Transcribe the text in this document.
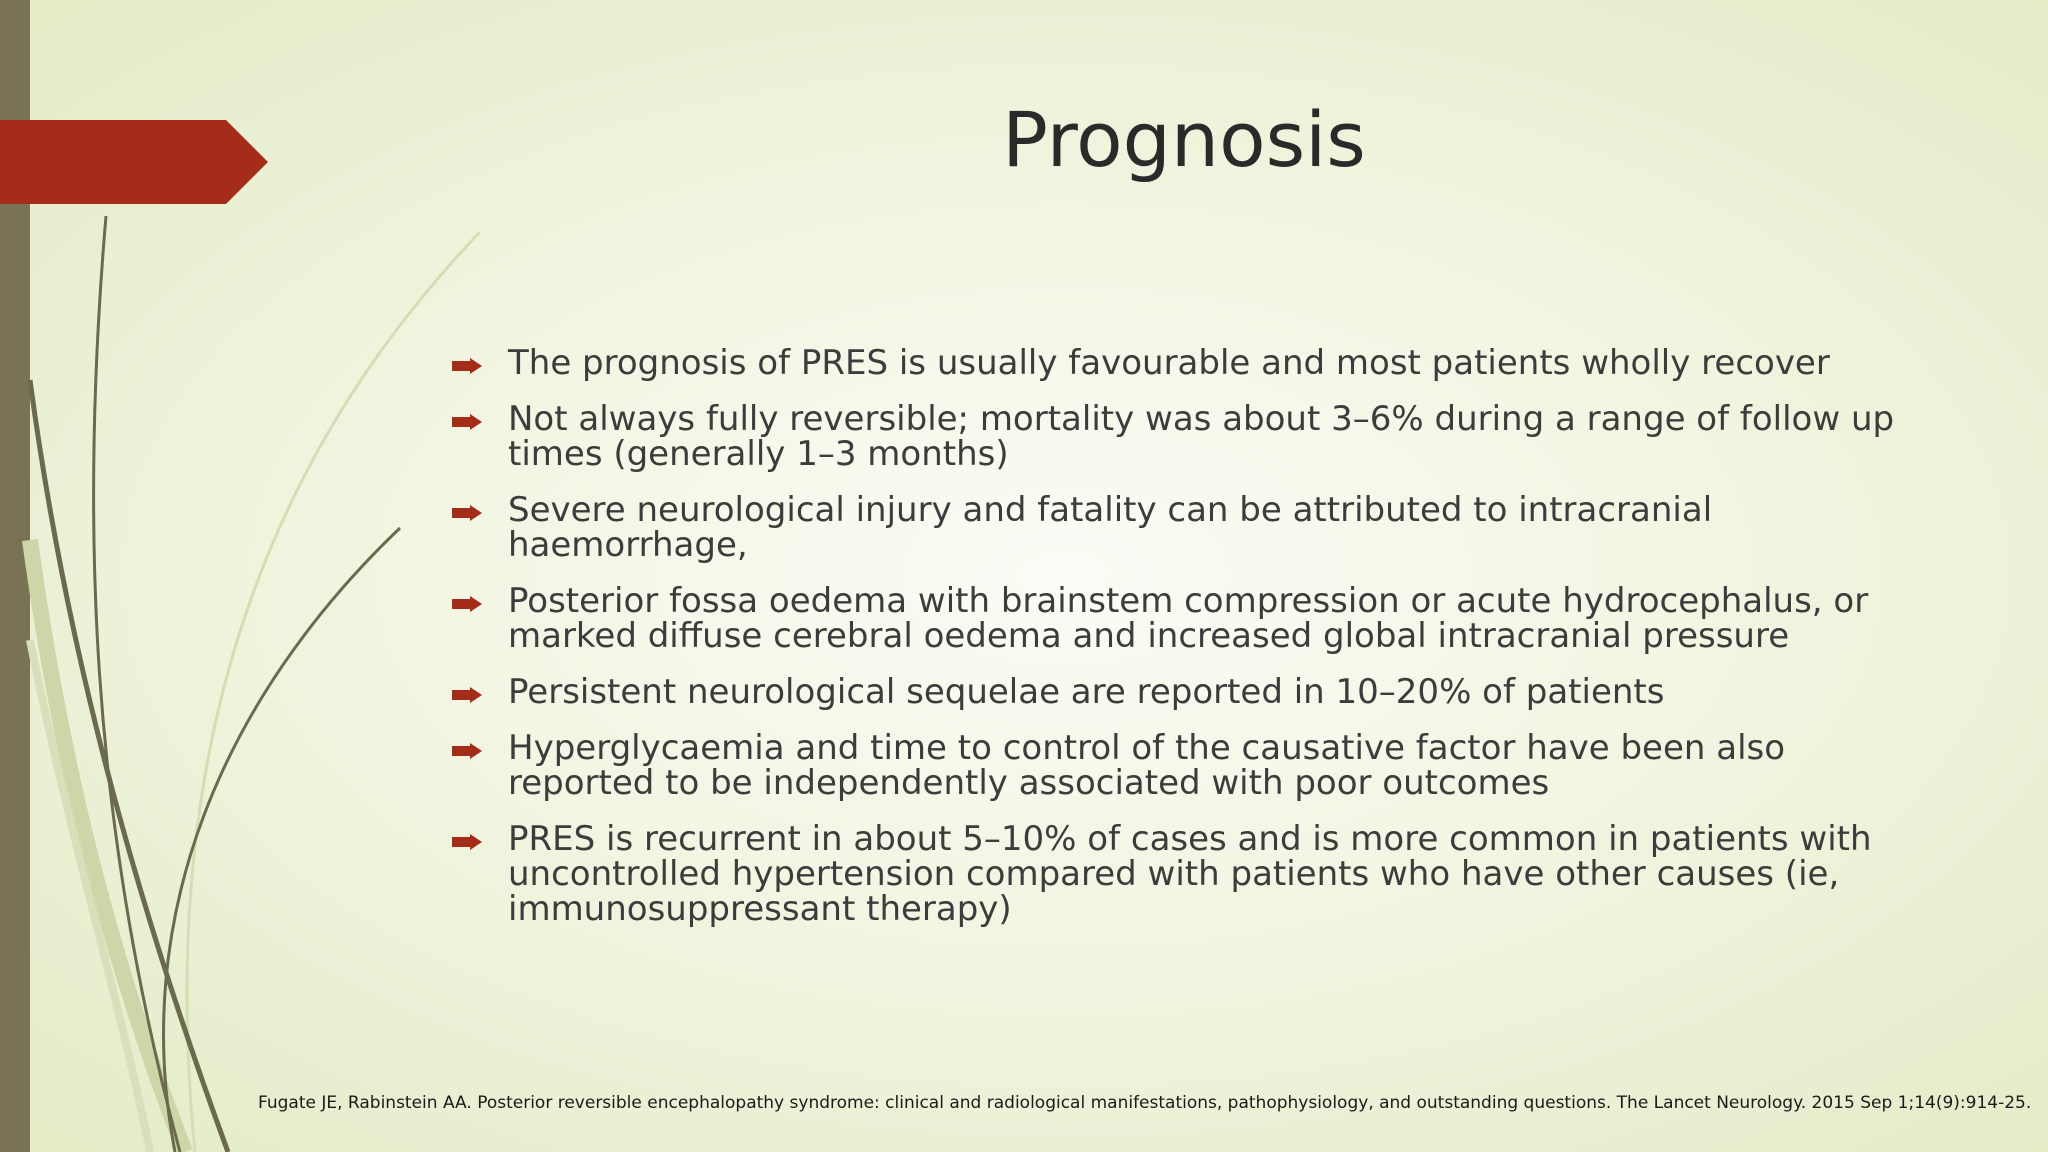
Prognosis
The prognosis of PRES is usually favourable and most patients wholly recover
Not always fully reversible; mortality was about 3–6% during a range of follow up times (generally 1–3 months)
Severe neurological injury and fatality can be attributed to intracranial haemorrhage,
Posterior fossa oedema with brainstem compression or acute hydrocephalus, or marked diffuse cerebral oedema and increased global intracranial pressure
Persistent neurological sequelae are reported in 10–20% of patients
Hyperglycaemia and time to control of the causative factor have been also reported to be independently associated with poor outcomes
PRES is recurrent in about 5–10% of cases and is more common in patients with uncontrolled hypertension compared with patients who have other causes (ie, immunosuppressant therapy)

Fugate JE, Rabinstein AA. Posterior reversible encephalopathy syndrome: clinical and radiological manifestations, pathophysiology, and outstanding questions. The Lancet Neurology. 2015 Sep 1;14(9):914-25.
